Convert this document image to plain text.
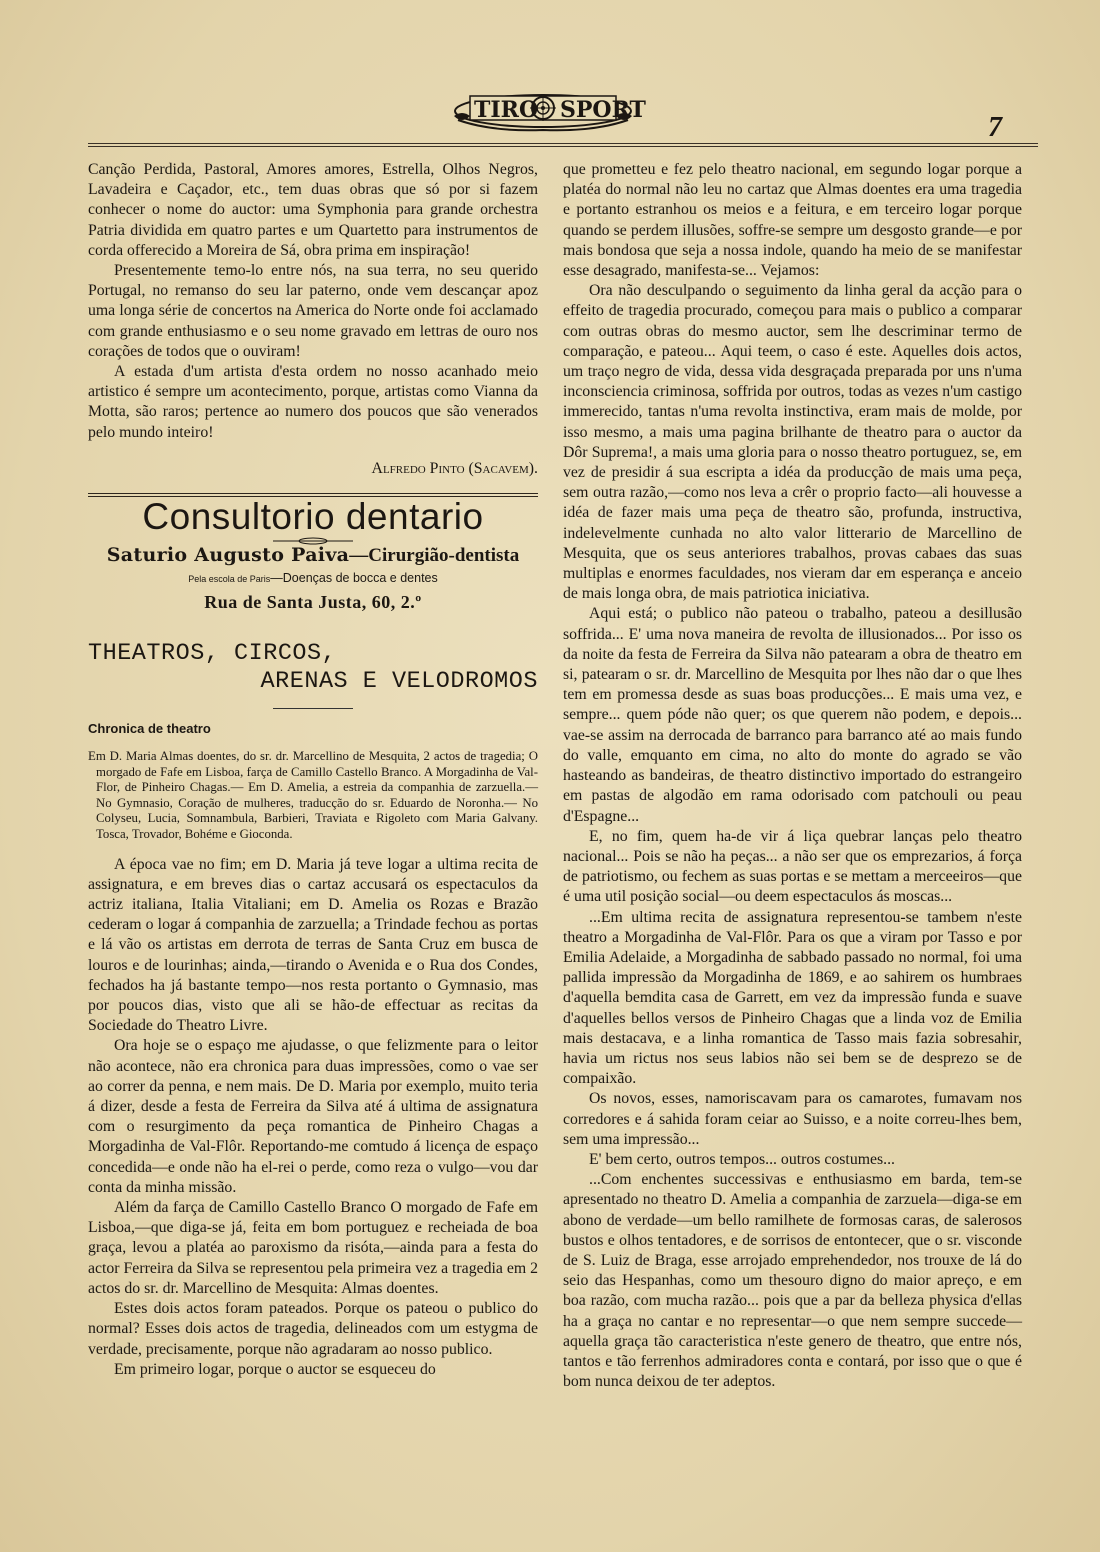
TIRO SPORT
7

Canção Perdida, Pastoral, Amores amores, Estrella, Olhos Negros, Lavadeira e Caçador, etc., tem duas obras que só por si fazem conhecer o nome do auctor: uma Symphonia para grande orchestra Patria dividida em quatro partes e um Quartetto para instrumentos de corda offerecido a Moreira de Sá, obra prima em inspiração!

Presentemente temo-lo entre nós, na sua terra, no seu querido Portugal, no remanso do seu lar paterno, onde vem descançar apoz uma longa série de concertos na America do Norte onde foi acclamado com grande enthusiasmo e o seu nome gravado em lettras de ouro nos corações de todos que o ouviram!

A estada d'um artista d'esta ordem no nosso acanhado meio artistico é sempre um acontecimento, porque, artistas como Vianna da Motta, são raros; pertence ao numero dos poucos que são venerados pelo mundo inteiro!

Alfredo Pinto (Sacavem).
Consultorio dentario
Saturio Augusto Paiva—Cirurgião-dentista
Pela escola de Paris—Doenças de bocca e dentes
Rua de Santa Justa, 60, 2.º
THEATROS, CIRCOS,
ARENAS E VELODROMOS
Chronica de theatro
Em D. Maria Almas doentes, do sr. dr. Marcellino de Mesquita, 2 actos de tragedia; O morgado de Fafe em Lisboa, farça de Camillo Castello Branco. A Morgadinha de Val-Flor, de Pinheiro Chagas.— Em D. Amelia, a estreia da companhia de zarzuella.— No Gymnasio, Coração de mulheres, traducção do sr. Eduardo de Noronha.— No Colyseu, Lucia, Somnambula, Barbieri, Traviata e Rigoleto com Maria Galvany. Tosca, Trovador, Bohéme e Gioconda.

A época vae no fim; em D. Maria já teve logar a ultima recita de assignatura, e em breves dias o cartaz accusará os espectaculos da actriz italiana, Italia Vitaliani; em D. Amelia os Rozas e Brazão cederam o logar á companhia de zarzuella; a Trindade fechou as portas e lá vão os artistas em derrota de terras de Santa Cruz em busca de louros e de lourinhas; ainda,—tirando o Avenida e o Rua dos Condes, fechados ha já bastante tempo—nos resta portanto o Gymnasio, mas por poucos dias, visto que ali se hão-de effectuar as recitas da Sociedade do Theatro Livre.

Ora hoje se o espaço me ajudasse, o que felizmente para o leitor não acontece, não era chronica para duas impressões, como o vae ser ao correr da penna, e nem mais. De D. Maria por exemplo, muito teria á dizer, desde a festa de Ferreira da Silva até á ultima de assignatura com o resurgimento da peça romantica de Pinheiro Chagas a Morgadinha de Val-Flôr. Reportando-me comtudo á licença de espaço concedida—e onde não ha el-rei o perde, como reza o vulgo—vou dar conta da minha missão.

Além da farça de Camillo Castello Branco O morgado de Fafe em Lisboa,—que diga-se já, feita em bom portuguez e recheiada de boa graça, levou a platéa ao paroxismo da risóta,—ainda para a festa do actor Ferreira da Silva se representou pela primeira vez a tragedia em 2 actos do sr. dr. Marcellino de Mesquita: Almas doentes.

Estes dois actos foram pateados. Porque os pateou o publico do normal? Esses dois actos de tragedia, delineados com um estygma de verdade, precisamente, porque não agradaram ao nosso publico.

Em primeiro logar, porque o auctor se esqueceu do

que prometteu e fez pelo theatro nacional, em segundo logar porque a platéa do normal não leu no cartaz que Almas doentes era uma tragedia e portanto estranhou os meios e a feitura, e em terceiro logar porque quando se perdem illusões, soffre-se sempre um desgosto grande—e por mais bondosa que seja a nossa indole, quando ha meio de se manifestar esse desagrado, manifesta-se... Vejamos:

Ora não desculpando o seguimento da linha geral da acção para o effeito de tragedia procurado, começou para mais o publico a comparar com outras obras do mesmo auctor, sem lhe descriminar termo de comparação, e pateou... Aqui teem, o caso é este. Aquelles dois actos, um traço negro de vida, dessa vida desgraçada preparada por uns n'uma inconsciencia criminosa, soffrida por outros, todas as vezes n'um castigo immerecido, tantas n'uma revolta instinctiva, eram mais de molde, por isso mesmo, a mais uma pagina brilhante de theatro para o auctor da Dôr Suprema!, a mais uma gloria para o nosso theatro portuguez, se, em vez de presidir á sua escripta a idéa da producção de mais uma peça, sem outra razão,—como nos leva a crêr o proprio facto—ali houvesse a idéa de fazer mais uma peça de theatro são, profunda, instructiva, indelevelmente cunhada no alto valor litterario de Marcellino de Mesquita, que os seus anteriores trabalhos, provas cabaes das suas multiplas e enormes faculdades, nos vieram dar em esperança e anceio de mais longa obra, de mais patriotica iniciativa.

Aqui está; o publico não pateou o trabalho, pateou a desillusão soffrida... E' uma nova maneira de revolta de illusionados... Por isso os da noite da festa de Ferreira da Silva não patearam a obra de theatro em si, patearam o sr. dr. Marcellino de Mesquita por lhes não dar o que lhes tem em promessa desde as suas boas producções... E mais uma vez, e sempre... quem póde não quer; os que querem não podem, e depois... vae-se assim na derrocada de barranco para barranco até ao mais fundo do valle, emquanto em cima, no alto do monte do agrado se vão hasteando as bandeiras, de theatro distinctivo importado do estrangeiro em pastas de algodão em rama odorisado com patchouli ou peau d'Espagne...

E, no fim, quem ha-de vir á liça quebrar lanças pelo theatro nacional... Pois se não ha peças... a não ser que os emprezarios, á força de patriotismo, ou fechem as suas portas e se mettam a merceeiros—que é uma util posição social—ou deem espectaculos ás moscas...

...Em ultima recita de assignatura representou-se tambem n'este theatro a Morgadinha de Val-Flôr. Para os que a viram por Tasso e por Emilia Adelaide, a Morgadinha de sabbado passado no normal, foi uma pallida impressão da Morgadinha de 1869, e ao sahirem os humbraes d'aquella bemdita casa de Garrett, em vez da impressão funda e suave d'aquelles bellos versos de Pinheiro Chagas que a linda voz de Emilia mais destacava, e a linha romantica de Tasso mais fazia sobresahir, havia um rictus nos seus labios não sei bem se de desprezo se de compaixão.

Os novos, esses, namoriscavam para os camarotes, fumavam nos corredores e á sahida foram ceiar ao Suisso, e a noite correu-lhes bem, sem uma impressão...

E' bem certo, outros tempos... outros costumes...

...Com enchentes successivas e enthusiasmo em barda, tem-se apresentado no theatro D. Amelia a companhia de zarzuela—diga-se em abono de verdade—um bello ramilhete de formosas caras, de salerosos bustos e olhos tentadores, e de sorrisos de entontecer, que o sr. visconde de S. Luiz de Braga, esse arrojado emprehendedor, nos trouxe de lá do seio das Hespanhas, como um thesouro digno do maior apreço, e em boa razão, com mucha razão... pois que a par da belleza physica d'ellas ha a graça no cantar e no representar—o que nem sempre succede—aquella graça tão caracteristica n'este genero de theatro, que entre nós, tantos e tão ferrenhos admiradores conta e contará, por isso que o que é bom nunca deixou de ter adeptos.
